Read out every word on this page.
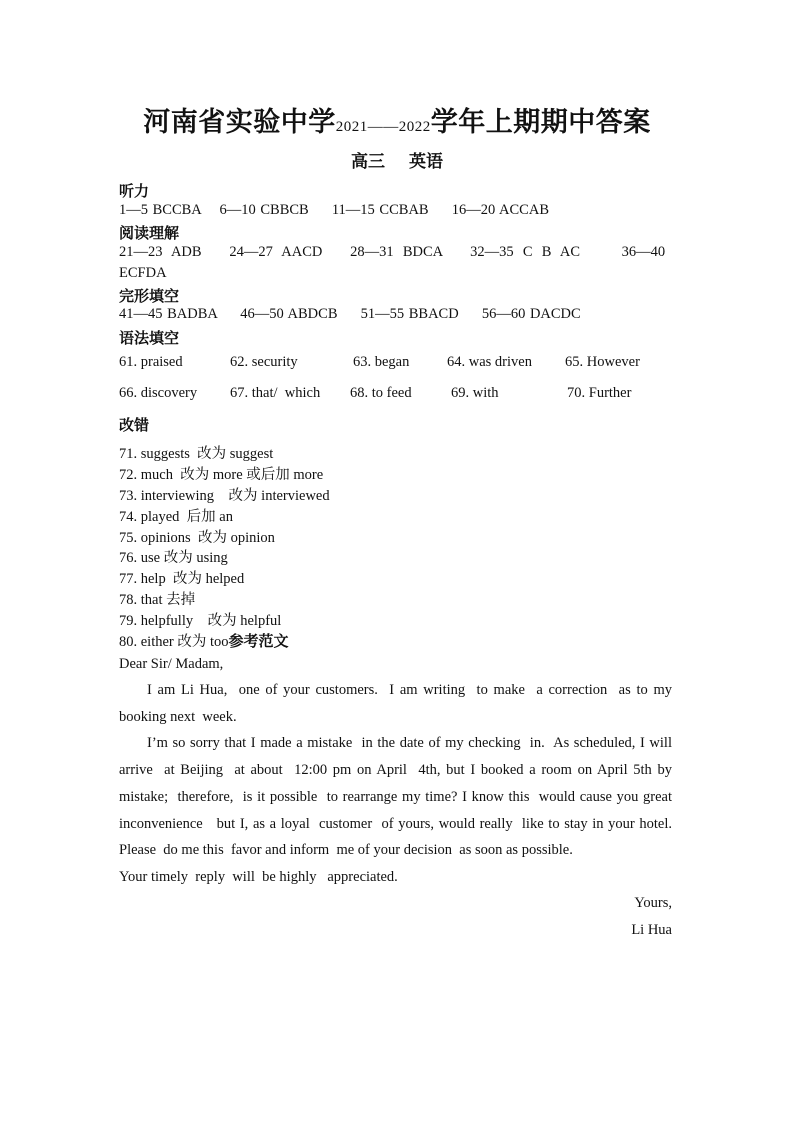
河南省实验中学2021——2022学年上期期中答案
高三 英语
听力
1—5 BCCBA    6—10 CBBCB     11—15 CCBAB     16—20 ACCAB
阅读理解
21—23  ADB      24—27  AACD      28—31  BDCA      32—35  C  B  AC         36—40
ECFDA
完形填空
41—45 BADBA     46—50 ABDCB     51—55 BBACD     56—60 DACDC
语法填空
61. praised	62. security	63. began	64. was driven 65. However
66. discovery 67. that/  which 68. to feed	69. with	70. Further
改错
71. suggests  改为 suggest
72. much  改为 more 或后加 more
73. interviewing    改为 interviewed
74. played  后加 an
75. opinions  改为 opinion
76. use 改为 using
77. help  改为 helped
78. that 去掉
79. helpfully    改为 helpful
80. either 改为 too参考范文
Dear Sir/ Madam,

I am Li Hua,  one of your customers.  I am writing  to make  a correction  as to my booking next  week.

I’m so sorry that I made a mistake  in the date of my checking  in.  As scheduled, I will  arrive  at Beijing  at about  12:00 pm on April  4th, but I booked a room on April 5th by mistake;  therefore,  is it possible  to rearrange my time? I know this  would cause you great inconvenience   but I, as a loyal  customer  of yours, would really  like to stay in your hotel.  Please  do me this  favor and inform  me of your decision  as soon as possible.

Your timely  reply  will  be highly   appreciated.

Yours,
Li Hua
